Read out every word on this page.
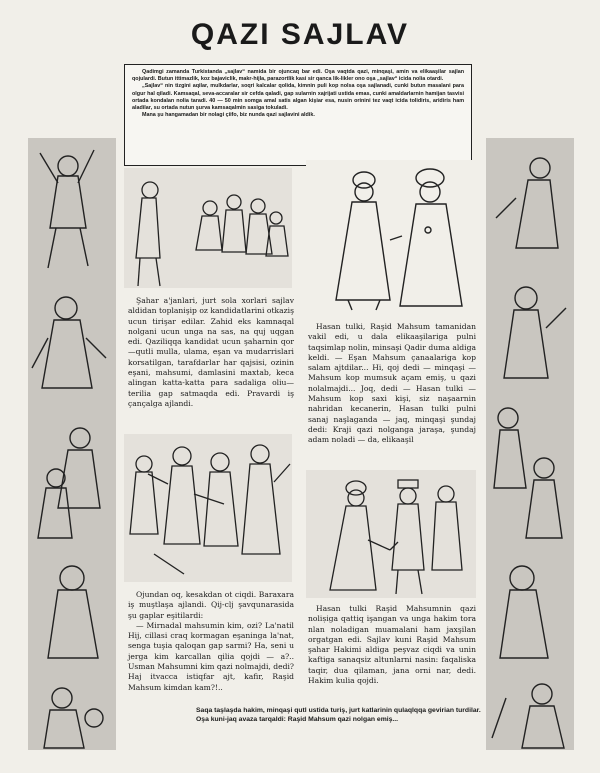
QAZI SAJLAV

Qadimgi zamanda Turkistanda „sajlav“ namida bir ojuncaq bar edi. Oşa vaqtda qazi, minqaşi, amin va elikaaşilar sajlan qojulardi. Butun ittimazlik, koz bajaviclik, makr-hijla, parazortlik kasi sir qanca lik-likler ono oşa „sajlav“ icida nolia otardi.

„Sajlav“ nin tizgini aqilar, mulkdarlar, soqri kalcalar qolida, kimnin puli kop nolsa oşa sajlanadi, cunki butun masalani para olgur hal qiladi. Kamsaqal, seva-accaralar sir cefda qaladi, gap sularnin xajrijati ustida emas, cunki amaldarlarnin hamijan tasvisi ortada kondalan nolia taradi. 40 — 50 min somga amal satis algan kişiar esa, nusin orinini tez vaqt icida tolidiris, aridiris ham aladilar, su ortada nutun şurva kamsaqalmin sasiga tokuladi.

Mana şu hangamadan bir nolagi çiifo, biz nunda qazi sajlavini aldik.

Şahar a'janlari, jurt sola xorlari sajlav aldidan toplanişip oz kandidatlarini otkaziş ucun tirişar edilar. Zahid eks kamnaqal nolgani ucun unga na sas, na quj uqgan edi. Qaziliqqa kandidat ucun şaharnin qor—qutli mulla, ulama, eşan va mudarrislari korsatilgan, tarafdarlar har qajsisi, ozinin eşani, mahsumi, damlasini maxtab, keca alingan katta-katta para sadaliga oliu— terilia gap satmaqda edi. Pravardi iş çançalga ajlandi.

Hasan tulki, Raşid Mahsum tamanidan vakil edi, u dala elikaaşilariga pulni taqsimlap nolin, minsaşi Qadir duma aldiga keldi. — Eşan Mahsum çanaalariga kop salam ajtdilar... Hi, qoj dedi — minqaşi — Mahsum kop mumsuk açam emiş, u qazi nolalmajdi... Joq, dedi — Hasan tulki — Mahsum kop saxi kişi, siz naşaarnin nahridan kecanerin, Hasan tulki pulni sanaj naşlaganda — jaq, minqaşi şundaj dedi: Kraji qazi nolganga jaraşa, şundaj adam noladi — da, elikaaşil

Ojundan oq, kesakdan ot ciqdi. Baraxara iş muştlaşa ajlandi. Qij-clj şavqunarasida şu gaplar eşitilardi:

— Mirnadal mahsumin kim, ozi? La'natil Hij, cillasi craq kormagan eşaninga la'nat, senga tuşia qaloqan gap sarmi? Ha, seni u jerga kim karcallan qilia qojdi — a?.. Usman Mahsumni kim qazi nolmajdi, dedi? Haj itvacca istiqfar ajt, kafir, Raşid Mahsum kimdan kam?!..

Hasan tulki Raşid Mahsumnin qazi noliṣiga qattiq işangan va unga hakim tora nlan noladigan muamalani ham jaxşilan orgatgan edi. Sajlav kuni Raşid Mahsum şahar Hakimi aldiga peşvaz ciqdi va unin kaftiga sanaqsiz altunlarni nasin: faqaliska taqir, dua qilaman, jana orni nar, dedi. Hakim kulia qojdi.

Saqa taşlaşda hakim, minqaşi qutl ustida turiş, jurt katlarinin qulaqlqqa gevirian turdilar.

Oşa kuni-jaq avaza tarqaldi: Raşid Mahsum qazi nolgan emiş...
